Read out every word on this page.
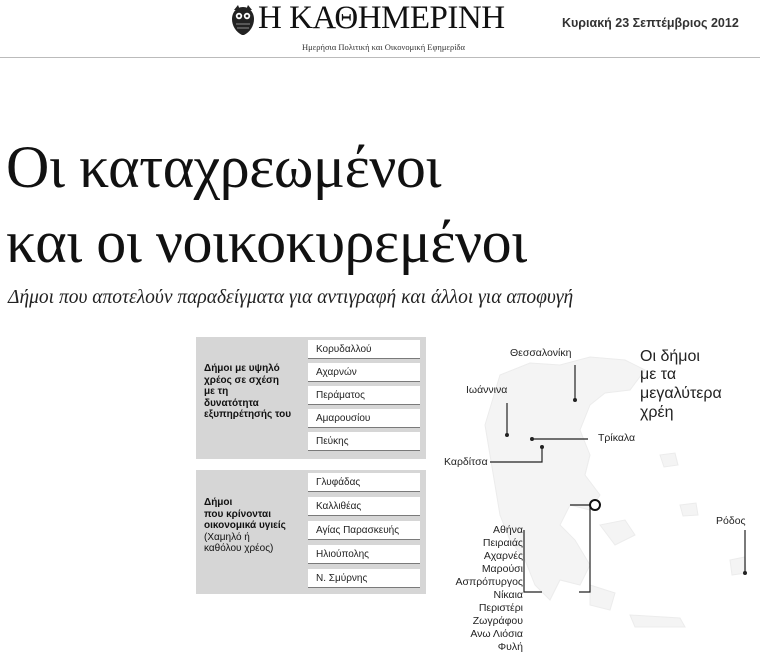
Η ΚΑΘΗΜΕΡΙΝΗ
Ημερήσια Πολιτική και Οικονομική Εφημερίδα
Κυριακή 23 Σεπτέμβριος 2012
Οι καταχρεωμένοι
και οι νοικοκυρεμένοι
Δήμοι που αποτελούν παραδείγματα για αντιγραφή και άλλοι για αποφυγή
Δήμοι με υψηλό
χρέος σε σχέση
με τη
δυνατότητα
εξυπηρέτησής του
Κορυδαλλού
Αχαρνών
Περάματος
Αμαρουσίου
Πεύκης
Δήμοι
που κρίνονται
οικονομικά υγιείς
(Χαμηλό ή
καθόλου χρέος)
Γλυφάδας
Καλλιθέας
Αγίας Παρασκευής
Ηλιούπολης
Ν. Σμύρνης
Οι δήμοι
με τα
μεγαλύτερα
χρέη
Θεσσαλονίκη
Ιωάννινα
Τρίκαλα
Καρδίτσα
Ρόδος
Αθήνα
Πειραιάς
Αχαρνές
Μαρούσι
Ασπρόπυργος
Νίκαια
Περιστέρι
Ζωγράφου
Ανω Λιόσια
Φυλή
